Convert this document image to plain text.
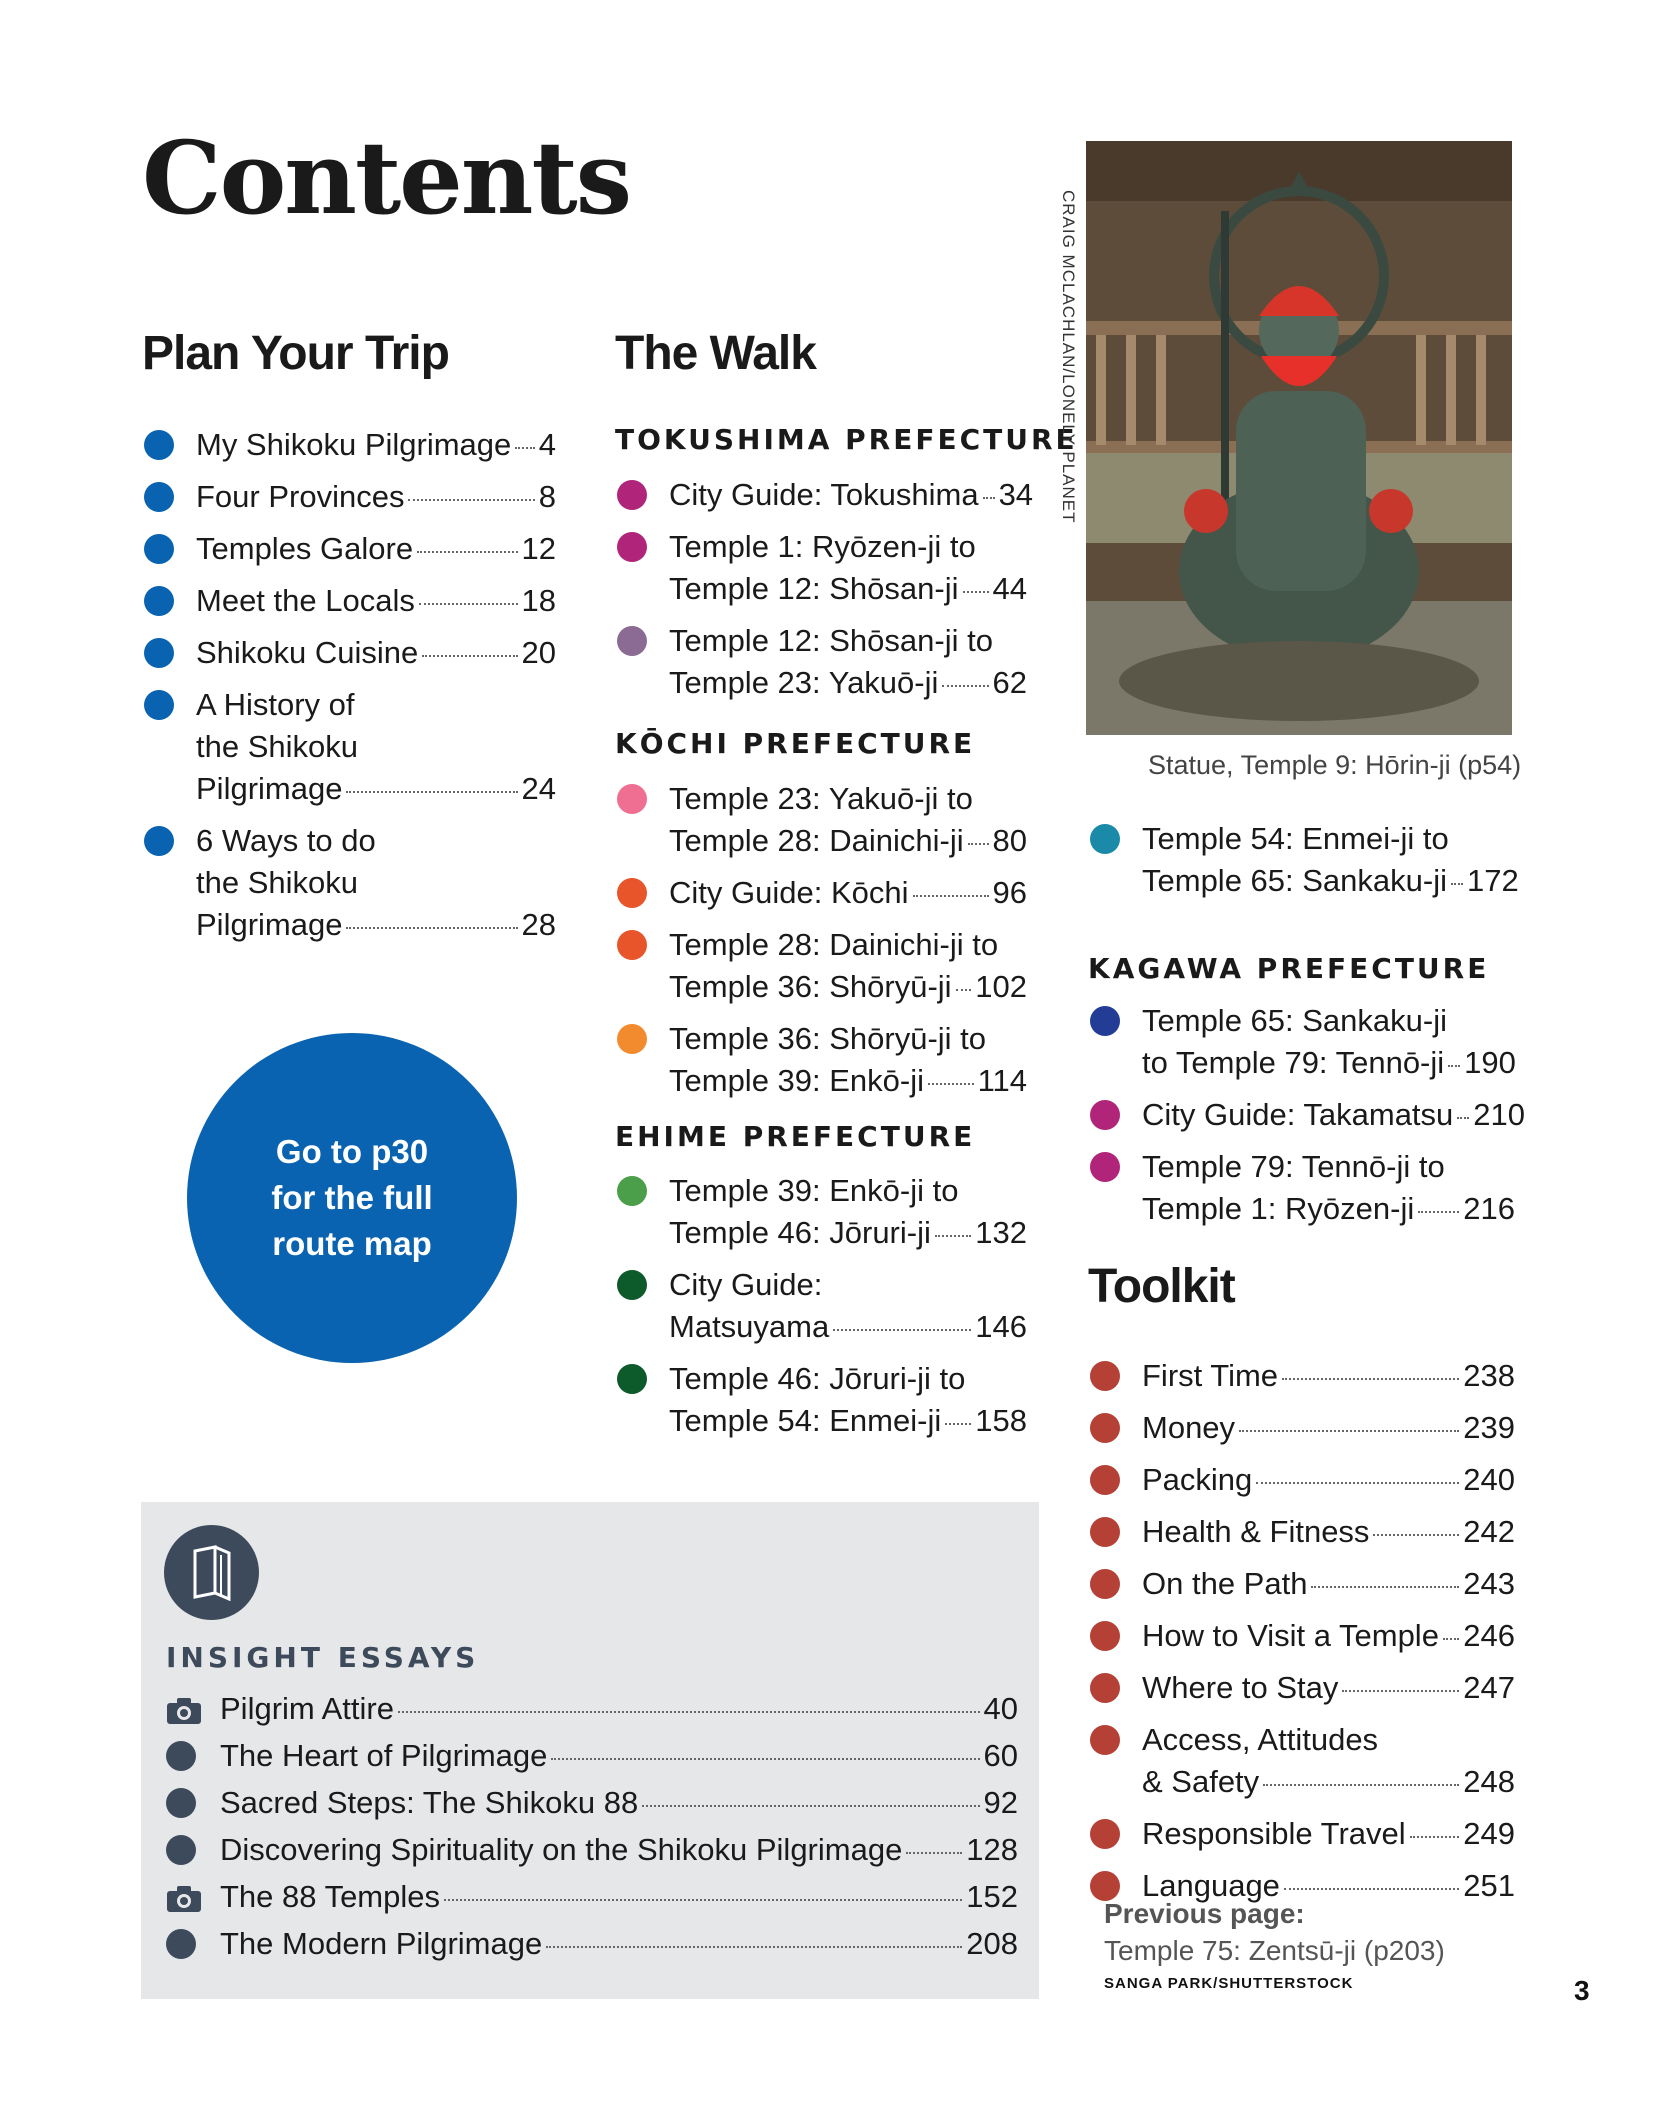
Contents
Plan Your Trip
My Shikoku Pilgrimage 4
Four Provinces	8
Temples Galore	12
Meet the Locals	18
Shikoku Cuisine	20
A History of
the Shikoku
Pilgrimage	24
6 Ways to do
the Shikoku
Pilgrimage	28
Go to p30
for the full
route map
The Walk
TOKUSHIMA PREFECTURE
City Guide: Tokushima 34
Temple 1: Ryōzen-ji to
Temple 12: Shōsan-ji 44
Temple 12: Shōsan-ji to
Temple 23: Yakuō-ji 62
KŌCHI PREFECTURE
Temple 23: Yakuō-ji to
Temple 28: Dainichi-ji 80
City Guide: Kōchi	96
Temple 28: Dainichi-ji to
Temple 36: Shōryū-ji 102
Temple 36: Shōryū-ji to
Temple 39: Enkō-ji 114
EHIME PREFECTURE
Temple 39: Enkō-ji to
Temple 46: Jōruri-ji 132
City Guide:
Matsuyama	146
Temple 46: Jōruri-ji to
Temple 54: Enmei-ji 158
CRAIG MCLACHLAN/LONELY PLANET
Statue, Temple 9: Hōrin-ji (p54)
Temple 54: Enmei-ji to
Temple 65: Sankaku-ji 172
KAGAWA PREFECTURE
Temple 65: Sankaku-ji
to Temple 79: Tennō-ji 190
City Guide: Takamatsu 210
Temple 79: Tennō-ji to
Temple 1: Ryōzen-ji 216
Toolkit
First Time	238
Money	239
Packing	240
Health & Fitness	242
On the Path	243
How to Visit a Temple 246
Where to Stay	247
Access, Attitudes
& Safety	248
Responsible Travel 249
Language	251
INSIGHT ESSAYS
Pilgrim Attire	40
The Heart of Pilgrimage	60
Sacred Steps: The Shikoku 88	92
Discovering Spirituality on the Shikoku Pilgrimage 128
The 88 Temples	152
The Modern Pilgrimage	208
Previous page:
Temple 75: Zentsū-ji (p203)
SANGA PARK/SHUTTERSTOCK	3
